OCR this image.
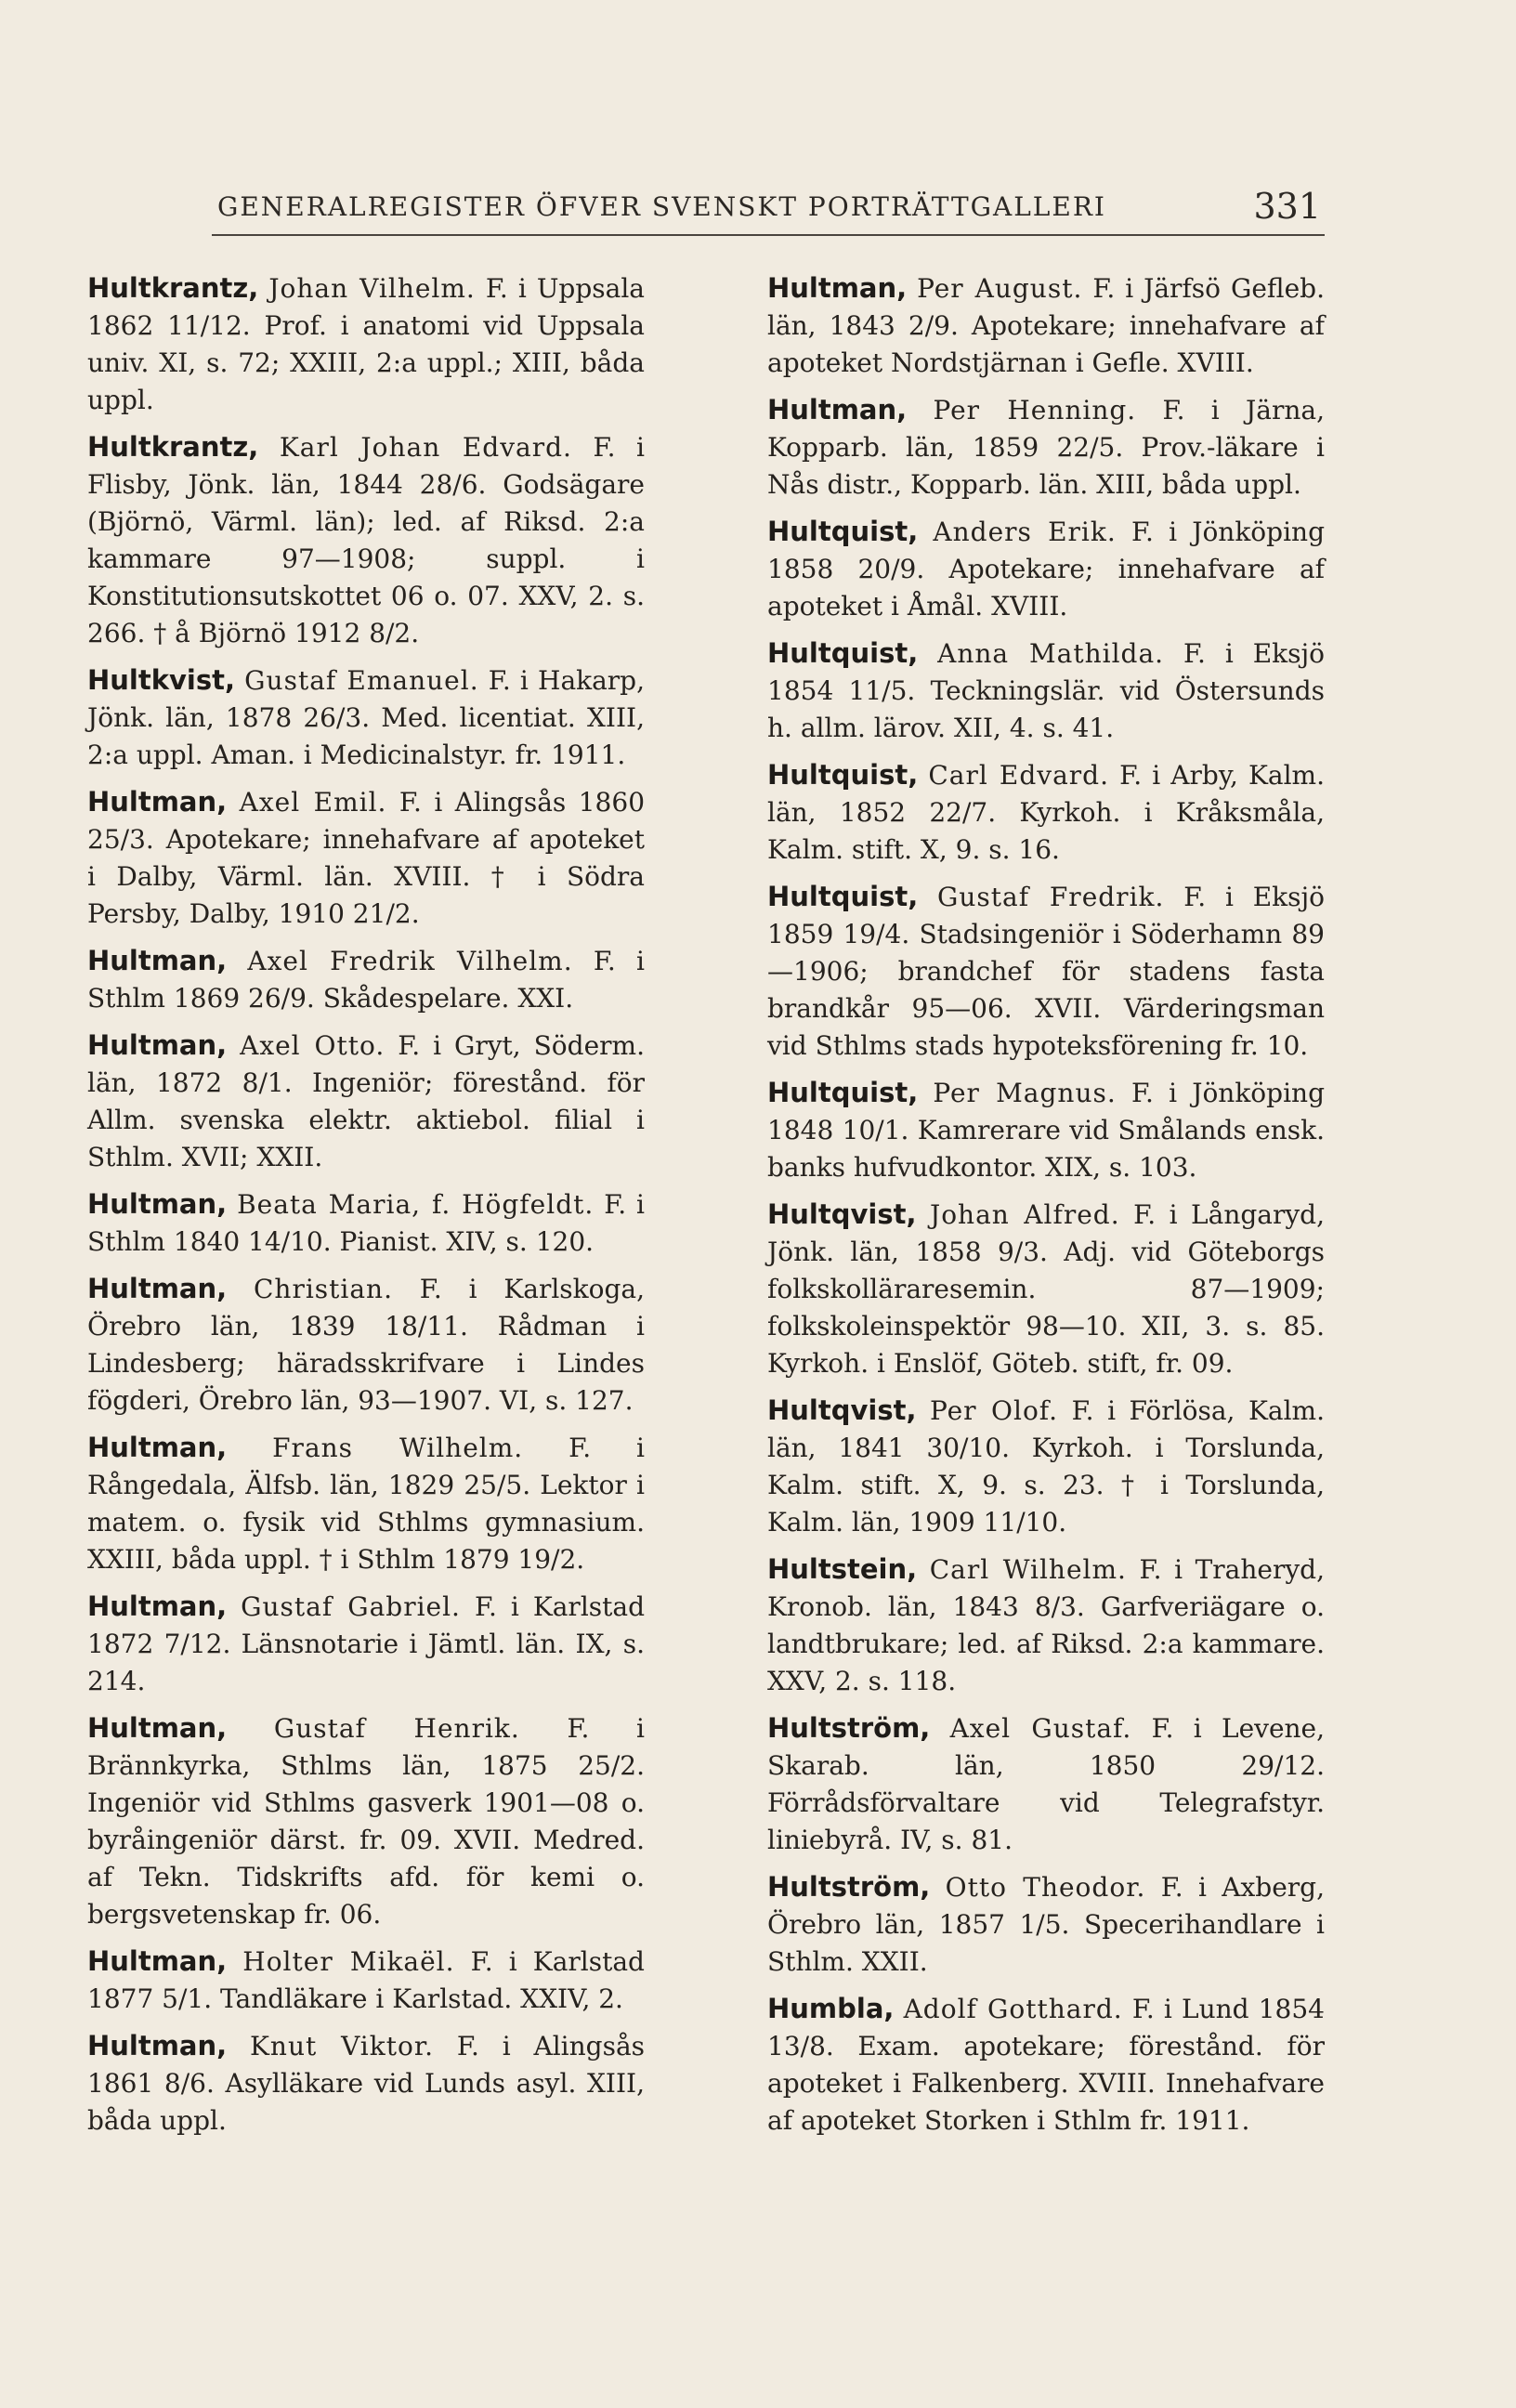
GENERALREGISTER ÖFVER SVENSKT PORTRÄTTGALLERI	331

Hultkrantz, Johan Vilhelm. F. i Uppsala 1862 11/12. Prof. i anatomi vid Uppsala univ. XI, s. 72; XXIII, 2:a uppl.; XIII, båda uppl.

Hultkrantz, Karl Johan Edvard. F. i Flisby, Jönk. län, 1844 28/6. Godsägare (Björnö, Värml. län); led. af Riksd. 2:a kammare 97—1908; suppl. i Konstitutionsutskottet 06 o. 07. XXV, 2. s. 266. † å Björnö 1912 8/2.

Hultkvist, Gustaf Emanuel. F. i Hakarp, Jönk. län, 1878 26/3. Med. licentiat. XIII, 2:a uppl. Aman. i Medicinalstyr. fr. 1911.

Hultman, Axel Emil. F. i Alingsås 1860 25/3. Apotekare; innehafvare af apoteket i Dalby, Värml. län. XVIII. † i Södra Persby, Dalby, 1910 21/2.

Hultman, Axel Fredrik Vilhelm. F. i Sthlm 1869 26/9. Skådespelare. XXI.

Hultman, Axel Otto. F. i Gryt, Söderm. län, 1872 8/1. Ingeniör; förestånd. för Allm. svenska elektr. aktiebol. filial i Sthlm. XVII; XXII.

Hultman, Beata Maria, f. Högfeldt. F. i Sthlm 1840 14/10. Pianist. XIV, s. 120.

Hultman, Christian. F. i Karlskoga, Örebro län, 1839 18/11. Rådman i Lindesberg; häradsskrifvare i Lindes fögderi, Örebro län, 93—1907. VI, s. 127.

Hultman, Frans Wilhelm. F. i Rångedala, Älfsb. län, 1829 25/5. Lektor i matem. o. fysik vid Sthlms gymnasium. XXIII, båda uppl. † i Sthlm 1879 19/2.

Hultman, Gustaf Gabriel. F. i Karlstad 1872 7/12. Länsnotarie i Jämtl. län. IX, s. 214.

Hultman, Gustaf Henrik. F. i Brännkyrka, Sthlms län, 1875 25/2. Ingeniör vid Sthlms gasverk 1901—08 o. byråingeniör därst. fr. 09. XVII. Medred. af Tekn. Tidskrifts afd. för kemi o. bergsvetenskap fr. 06.

Hultman, Holter Mikaël. F. i Karlstad 1877 5/1. Tandläkare i Karlstad. XXIV, 2.

Hultman, Knut Viktor. F. i Alingsås 1861 8/6. Asylläkare vid Lunds asyl. XIII, båda uppl.

Hultman, Per August. F. i Järfsö Gefleb. län, 1843 2/9. Apotekare; innehafvare af apoteket Nordstjärnan i Gefle. XVIII.

Hultman, Per Henning. F. i Järna, Kopparb. län, 1859 22/5. Prov.-läkare i Nås distr., Kopparb. län. XIII, båda uppl.

Hultquist, Anders Erik. F. i Jönköping 1858 20/9. Apotekare; innehafvare af apoteket i Åmål. XVIII.

Hultquist, Anna Mathilda. F. i Eksjö 1854 11/5. Teckningslär. vid Östersunds h. allm. lärov. XII, 4. s. 41.

Hultquist, Carl Edvard. F. i Arby, Kalm. län, 1852 22/7. Kyrkoh. i Kråksmåla, Kalm. stift. X, 9. s. 16.

Hultquist, Gustaf Fredrik. F. i Eksjö 1859 19/4. Stadsingeniör i Söderhamn 89—1906; brandchef för stadens fasta brandkår 95—06. XVII. Värderingsman vid Sthlms stads hypoteksförening fr. 10.

Hultquist, Per Magnus. F. i Jönköping 1848 10/1. Kamrerare vid Smålands ensk. banks hufvudkontor. XIX, s. 103.

Hultqvist, Johan Alfred. F. i Långaryd, Jönk. län, 1858 9/3. Adj. vid Göteborgs folkskolläraresemin. 87—1909; folkskoleinspektör 98—10. XII, 3. s. 85. Kyrkoh. i Enslöf, Göteb. stift, fr. 09.

Hultqvist, Per Olof. F. i Förlösa, Kalm. län, 1841 30/10. Kyrkoh. i Torslunda, Kalm. stift. X, 9. s. 23. † i Torslunda, Kalm. län, 1909 11/10.

Hultstein, Carl Wilhelm. F. i Traheryd, Kronob. län, 1843 8/3. Garfveriägare o. landtbrukare; led. af Riksd. 2:a kammare. XXV, 2. s. 118.

Hultström, Axel Gustaf. F. i Levene, Skarab. län, 1850 29/12. Förrådsförvaltare vid Telegrafstyr. liniebyrå. IV, s. 81.

Hultström, Otto Theodor. F. i Axberg, Örebro län, 1857 1/5. Specerihandlare i Sthlm. XXII.

Humbla, Adolf Gotthard. F. i Lund 1854 13/8. Exam. apotekare; förestånd. för apoteket i Falkenberg. XVIII. Innehafvare af apoteket Storken i Sthlm fr. 1911.
